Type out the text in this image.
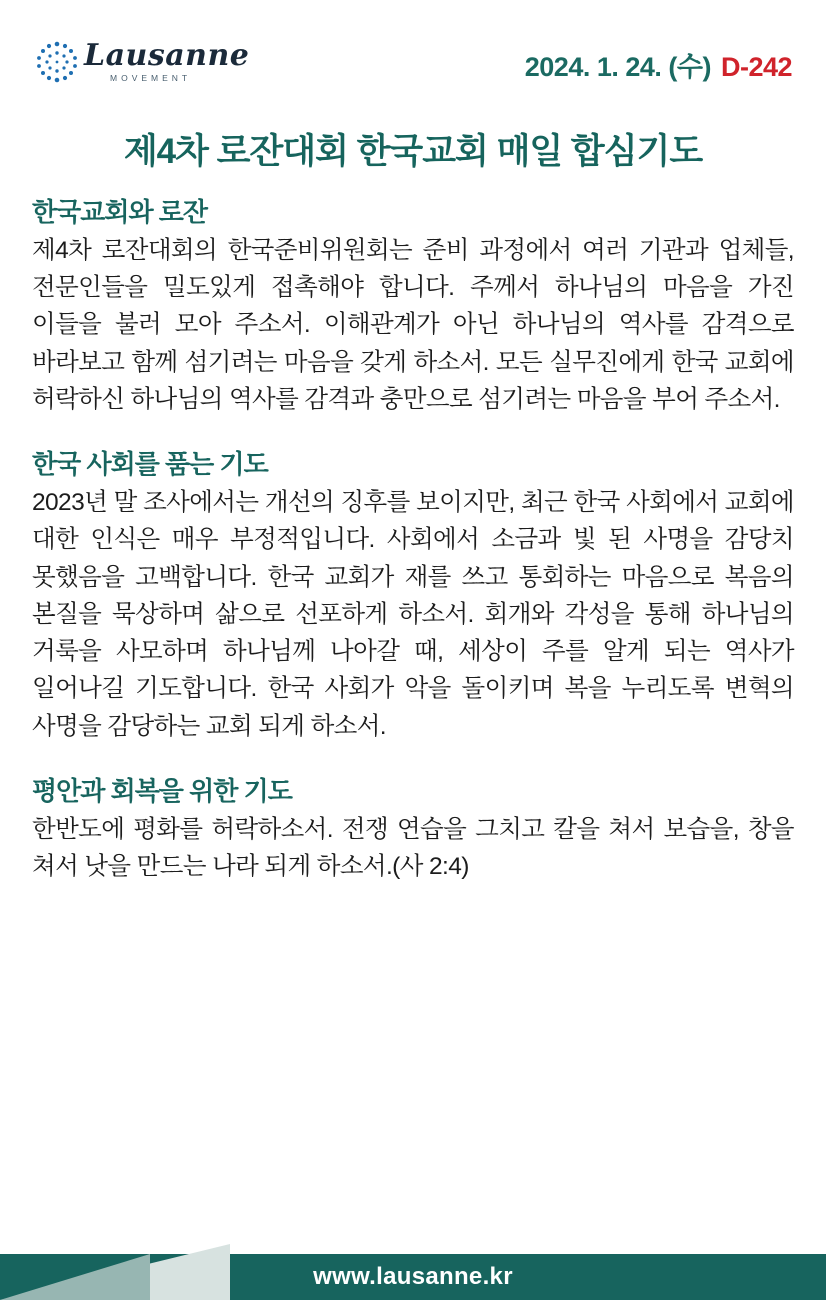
Lausanne
MOVEMENT	2024. 1. 24. (수) D-242
제4차 로잔대회 한국교회 매일 합심기도
한국교회와 로잔
제4차 로잔대회의 한국준비위원회는 준비 과정에서 여러 기관과 업체들, 전문인들을 밀도있게 접촉해야 합니다. 주께서 하나님의 마음을 가진 이들을 불러 모아 주소서. 이해관계가 아닌 하나님의 역사를 감격으로 바라보고 함께 섬기려는 마음을 갖게 하소서. 모든 실무진에게 한국 교회에 허락하신 하나님의 역사를 감격과 충만으로 섬기려는 마음을 부어 주소서.
한국 사회를 품는 기도
2023년 말 조사에서는 개선의 징후를 보이지만, 최근 한국 사회에서 교회에 대한 인식은 매우 부정적입니다. 사회에서 소금과 빛 된 사명을 감당치 못했음을 고백합니다. 한국 교회가 재를 쓰고 통회하는 마음으로 복음의 본질을 묵상하며 삶으로 선포하게 하소서. 회개와 각성을 통해 하나님의 거룩을 사모하며 하나님께 나아갈 때, 세상이 주를 알게 되는 역사가 일어나길 기도합니다. 한국 사회가 악을 돌이키며 복을 누리도록 변혁의 사명을 감당하는 교회 되게 하소서.
평안과 회복을 위한 기도
한반도에 평화를 허락하소서. 전쟁 연습을 그치고 칼을 쳐서 보습을, 창을 쳐서 낫을 만드는 나라 되게 하소서.(사 2:4)
www.lausanne.kr
